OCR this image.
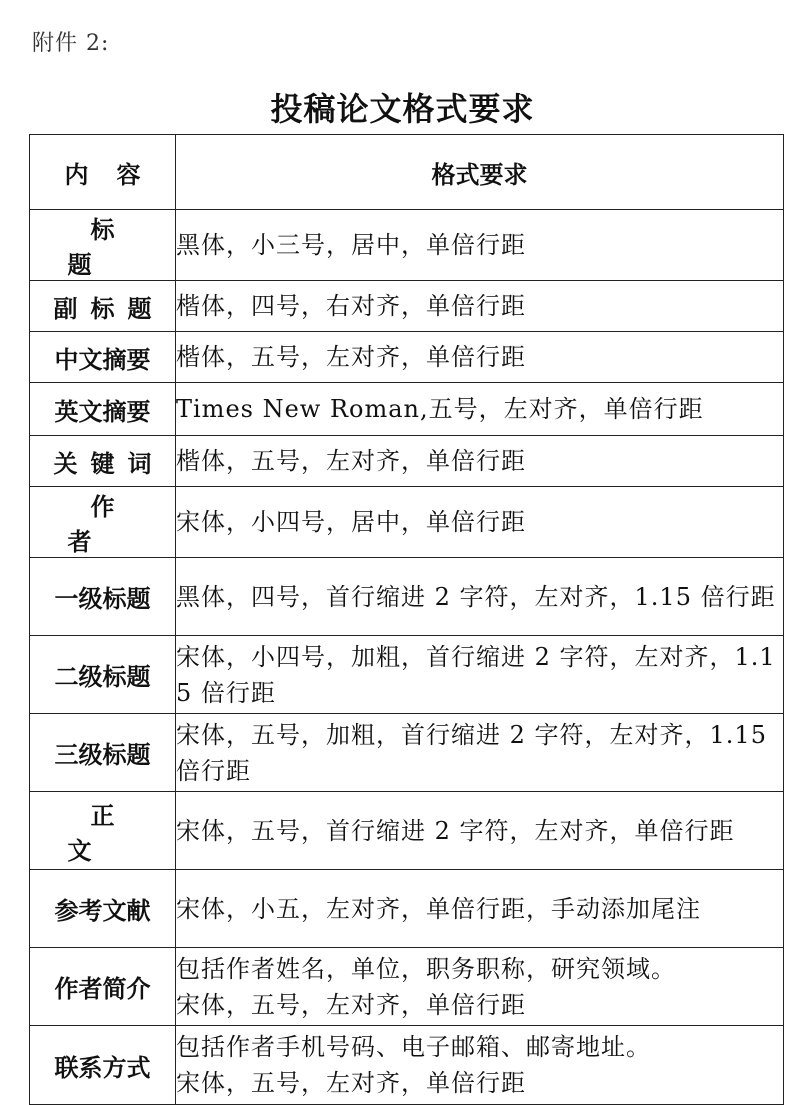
附件 2:
投稿论文格式要求
内容	格式要求
标题	黑体，小三号，居中，单倍行距

副标题	楷体，四号，右对齐，单倍行距

中文摘要	楷体，五号，左对齐，单倍行距

英文摘要	Times New Roman,五号，左对齐，单倍行距

关键词	楷体，五号，左对齐，单倍行距

作者	宋体，小四号，居中，单倍行距

一级标题	黑体，四号，首行缩进 2 字符，左对齐，1.15 倍行距

二级标题	宋体，小四号，加粗，首行缩进 2 字符，左对齐，1.15 倍行距

三级标题	宋体，五号，加粗，首行缩进 2 字符，左对齐，1.15 倍行距

正文	宋体，五号，首行缩进 2 字符，左对齐，单倍行距

参考文献	宋体，小五，左对齐，单倍行距，手动添加尾注

作者简介	包括作者姓名，单位，职务职称，研究领域。
宋体，五号，左对齐，单倍行距

联系方式	包括作者手机号码、电子邮箱、邮寄地址。
宋体，五号，左对齐，单倍行距
